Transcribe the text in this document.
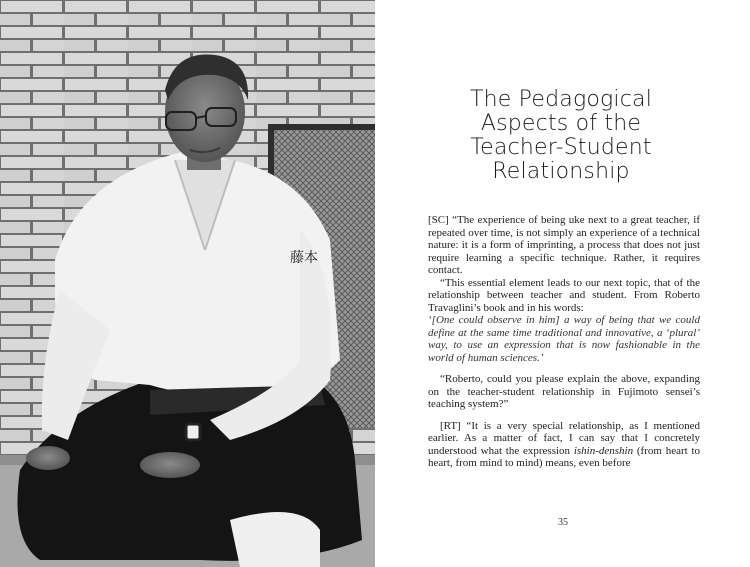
藤本
The Pedagogical
Aspects of the
Teacher-Student
Relationship

[SC] “The experience of being uke next to a great teacher, if repeated over time, is not simply an experience of a technical nature: it is a form of imprinting, a process that does not just require learning a specific technique. Rather, it requires contact.

“This essential element leads to our next topic, that of the relationship between teacher and student. From Roberto Travaglini’s book and in his words:

‘[One could observe in him] a way of being that we could define at the same time traditional and innovative, a ‘plural’ way, to use an expression that is now fashionable in the world of human sciences.’

“Roberto, could you please explain the above, expanding on the teacher-student relationship in Fujimoto sensei’s teaching system?”

[RT] “It is a very special relationship, as I mentioned earlier. As a matter of fact, I can say that I concretely understood what the expression ishin-denshin (from heart to heart, from mind to mind) means, even before

35
